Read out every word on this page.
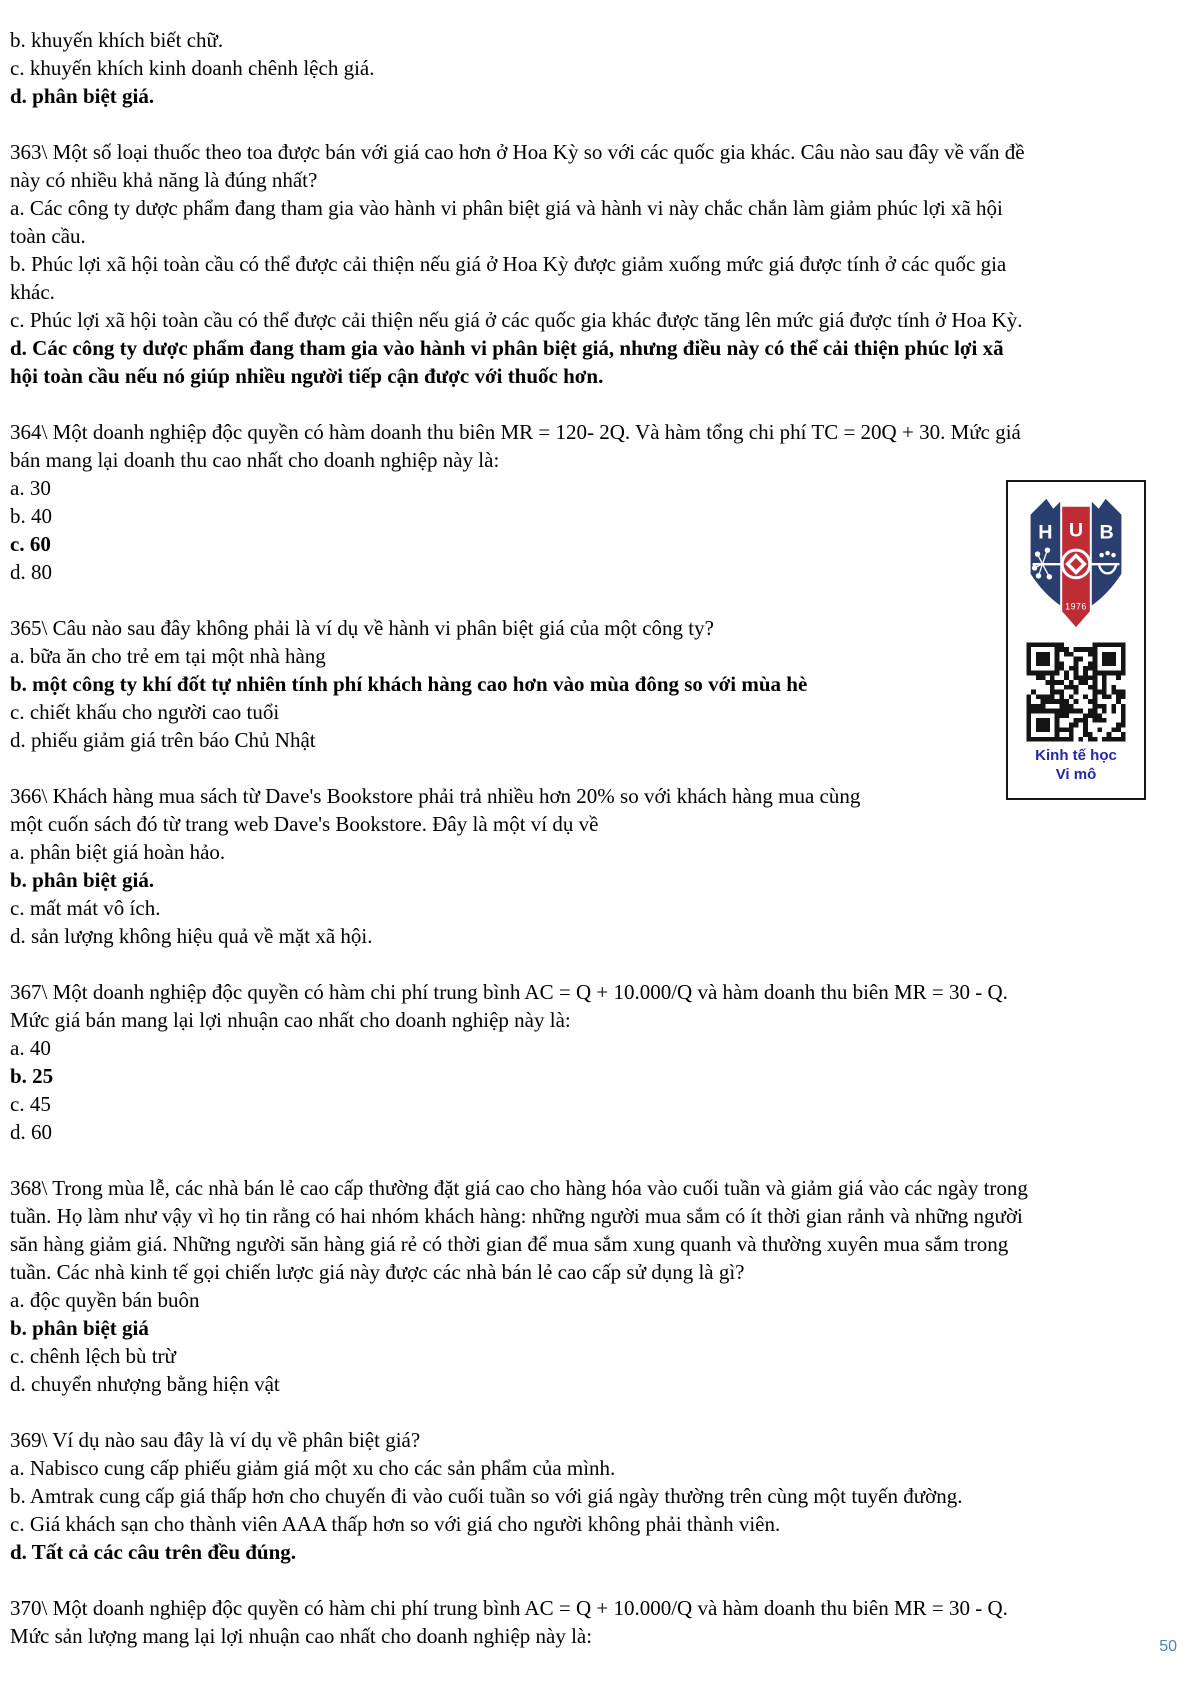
b. khuyến khích biết chữ.

c. khuyến khích kinh doanh chênh lệch giá.

d. phân biệt giá.

363\ Một số loại thuốc theo toa được bán với giá cao hơn ở Hoa Kỳ so với các quốc gia khác. Câu nào sau đây về vấn đề

này có nhiều khả năng là đúng nhất?

a. Các công ty dược phẩm đang tham gia vào hành vi phân biệt giá và hành vi này chắc chắn làm giảm phúc lợi xã hội

toàn cầu.

b. Phúc lợi xã hội toàn cầu có thể được cải thiện nếu giá ở Hoa Kỳ được giảm xuống mức giá được tính ở các quốc gia

khác.

c. Phúc lợi xã hội toàn cầu có thể được cải thiện nếu giá ở các quốc gia khác được tăng lên mức giá được tính ở Hoa Kỳ.

d. Các công ty dược phẩm đang tham gia vào hành vi phân biệt giá, nhưng điều này có thể cải thiện phúc lợi xã

hội toàn cầu nếu nó giúp nhiều người tiếp cận được với thuốc hơn.

364\ Một doanh nghiệp độc quyền có hàm doanh thu biên MR = 120- 2Q. Và hàm tổng chi phí TC = 20Q + 30. Mức giá

bán mang lại doanh thu cao nhất cho doanh nghiệp này là:

H U B
1976
Kinh tế học
Vi mô

a. 30

b. 40

c. 60

d. 80

365\ Câu nào sau đây không phải là ví dụ về hành vi phân biệt giá của một công ty?

a. bữa ăn cho trẻ em tại một nhà hàng

b. một công ty khí đốt tự nhiên tính phí khách hàng cao hơn vào mùa đông so với mùa hè

c. chiết khấu cho người cao tuổi

d. phiếu giảm giá trên báo Chủ Nhật

366\ Khách hàng mua sách từ Dave's Bookstore phải trả nhiều hơn 20% so với khách hàng mua cùng

một cuốn sách đó từ trang web Dave's Bookstore. Đây là một ví dụ về

a. phân biệt giá hoàn hảo.

b. phân biệt giá.

c. mất mát vô ích.

d. sản lượng không hiệu quả về mặt xã hội.

367\ Một doanh nghiệp độc quyền có hàm chi phí trung bình AC = Q + 10.000/Q và hàm doanh thu biên MR = 30 - Q.

Mức giá bán mang lại lợi nhuận cao nhất cho doanh nghiệp này là:

a. 40

b. 25

c. 45

d. 60

368\ Trong mùa lễ, các nhà bán lẻ cao cấp thường đặt giá cao cho hàng hóa vào cuối tuần và giảm giá vào các ngày trong

tuần. Họ làm như vậy vì họ tin rằng có hai nhóm khách hàng: những người mua sắm có ít thời gian rảnh và những người

săn hàng giảm giá. Những người săn hàng giá rẻ có thời gian để mua sắm xung quanh và thường xuyên mua sắm trong

tuần. Các nhà kinh tế gọi chiến lược giá này được các nhà bán lẻ cao cấp sử dụng là gì?

a. độc quyền bán buôn

b. phân biệt giá

c. chênh lệch bù trừ

d. chuyển nhượng bằng hiện vật

369\ Ví dụ nào sau đây là ví dụ về phân biệt giá?

a. Nabisco cung cấp phiếu giảm giá một xu cho các sản phẩm của mình.

b. Amtrak cung cấp giá thấp hơn cho chuyến đi vào cuối tuần so với giá ngày thường trên cùng một tuyến đường.

c. Giá khách sạn cho thành viên AAA thấp hơn so với giá cho người không phải thành viên.

d. Tất cả các câu trên đều đúng.

370\ Một doanh nghiệp độc quyền có hàm chi phí trung bình AC = Q + 10.000/Q và hàm doanh thu biên MR = 30 - Q.

Mức sản lượng mang lại lợi nhuận cao nhất cho doanh nghiệp này là:	50
